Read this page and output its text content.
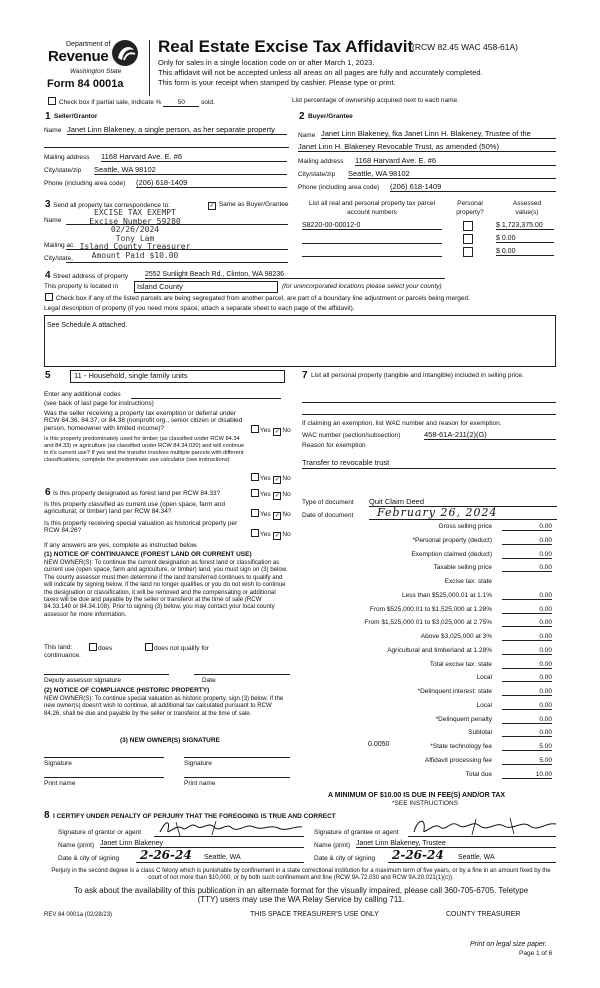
Department of
Revenue
Washington State
Form 84 0001a
Real Estate Excise Tax Affidavit
(RCW 82.45 WAC 458-61A)
Only for sales in a single location code on or after March 1, 2023.
This affidavit will not be accepted unless all areas on all pages are fully and accurately completed.
This form is your receipt when stamped by cashier. Please type or print.
Check box if partial sale, indicate % 50 sold.	List percentage of ownership acquired next to each name.
1 Seller/Grantor
Name Janet Linn Blakeney, a single person, as her separate property
Mailing address 1168 Harvard Ave. E. #6
City/state/zip Seattle, WA 98102
Phone (including area code) (206) 618-1409
2 Buyer/Grantee
Name Janet Linn Blakeney, fka Janet Linn H. Blakeney, Trustee of the
Janet Linn H. Blakeney Revocable Trust, as amended (50%)
Mailing address 1168 Harvard Ave. E. #6
City/state/zip Seattle, WA 98102
Phone (including area code) (206) 618-1409
3 Send all property tax correspondence to:
✓	Same as Buyer/Grantee
Name
Mailing ac
City/state,
EXCISE TAX EXEMPT
Excise Number 59280
02/26/2024
Tony Lam
Island County Treasurer
Amount Paid $10.00
List all real and personal property tax parcel account numbers
Personal property?
Assessed value(s)
S8220-00-00012-0	$ 1,723,375.00
$ 0.00
$ 0.00
4 Street address of property 2552 Sunlight Beach Rd., Clinton, WA 98236
This property is located in	Island County	(for unincorporated locations please select your county)
Check box if any of the listed parcels are being segregated from another parcel, are part of a boundary line adjustment or parcels being merged.
Legal description of property (if you need more space, attach a separate sheet to each page of the affidavit).
See Schedule A attached.
5	11 - Household, single family units
Enter any additional codes
(see back of last page for instructions)
Was the seller receiving a property tax exemption or deferral under RCW 84.36, 84.37, or 84.38 (nonprofit org., senior citizen or disabled person, homeowner with limited income)?	Yes ✓ No
Is this property predominately used for timber (as classified under RCW 84.34 and 84.33) or agriculture (as classified under RCW 84.34.020) and will continue in it's current use? If yes and the transfer involves multiple parcels with different classifications, complete the predominate use calculator (see instructions)
Yes ✓ No
6 Is this property designated as forest land per RCW 84.33?	Yes ✓ No
Is this property classified as current use (open space, farm and agricultural, or timber) land per RCW 84.34?	Yes ✓ No
Is this property receiving special valuation as historical property per RCW 84.26?
Yes ✓ No
If any answers are yes, complete as instructed below.
(1) NOTICE OF CONTINUANCE (FOREST LAND OR CURRENT USE)
NEW OWNER(S): To continue the current designation as forest land or classification as current use (open space, farm and agriculture, or timber) land, you must sign on (3) below. The county assessor must then determine if the land transferred continues to qualify and will indicate by signing below. If the land no longer qualifies or you do not wish to continue the designation or classification, it will be removed and the compensating or additional taxes will be due and payable by the seller or transferor at the time of sale (RCW 84.33.140 or 84.34.108). Prior to signing (3) below, you may contact your local county assessor for more information.
This land:
continuance.
does	does not qualify for
Deputy assessor signature	Date
(2) NOTICE OF COMPLIANCE (HISTORIC PROPERTY)
NEW OWNER(S): To continue special valuation as historic property, sign (3) below. If the new owner(s) doesn't wish to continue, all additional tax calculated pursuant to RCW 84.26, shall be due and payable by the seller or transferor at the time of sale.
(3) NEW OWNER(S) SIGNATURE
Signature	Signature
Print name	Print name
7 List all personal property (tangible and intangible) included in selling price.
If claiming an exemption, list WAC number and reason for exemption.
WAC number (section/subsection)	458-61A-211(2)(G)
Reason for exemption
Transfer to revocable trust
Type of document Quit Claim Deed
Date of document	February 26, 2024
Gross selling price	0.00
*Personal property (deduct)	0.00
Exemption claimed (deduct)	0.00
Taxable selling price	0.00
Excise tax: state
Less than $525,000.01 at 1.1%	0.00
From $525,000.01 to $1,525,000 at 1.28%	0.00
From $1,525,000.01 to $3,025,000 at 2.75%	0.00
Above $3,025,000 at 3%	0.00
Agricultural and timberland at 1.28%	0.00
Total excise tax: state	0.00
Local	0.00
*Delinquent interest: state	0.00
Local	0.00
*Delinquent penalty	0.00
Subtotal	0.00
*State technology fee	5.00
Affidavit processing fee	5.00
Total due	10.00
0.0050
A MINIMUM OF $10.00 IS DUE IN FEE(S) AND/OR TAX
*SEE INSTRUCTIONS
8 I CERTIFY UNDER PENALTY OF PERJURY THAT THE FOREGOING IS TRUE AND CORRECT
Signature of grantor or agent	Signature of grantee or agent
Name (print) Janet Linn Blakeney	Name (print) Janet Linn Blakeney, Trustee
Date & city of signing 2-26-24 Seattle, WA	Date & city of signing 2-26-24 Seattle, WA
Perjury in the second degree is a class C felony which is punishable by confinement in a state correctional institution for a maximum term of five years, or by a fine in an amount fixed by the court of not more than $10,000, or by both such confinement and fine (RCW 9A.72.030 and RCW 9A.20.021(1)(c)).
To ask about the availability of this publication in an alternate format for the visually impaired, please call 360-705-6705. Teletype
(TTY) users may use the WA Relay Service by calling 711.
REV 84 0001a (02/28/23)	THIS SPACE TREASURER'S USE ONLY	COUNTY TREASURER
Print on legal size paper.
Page 1 of 6
